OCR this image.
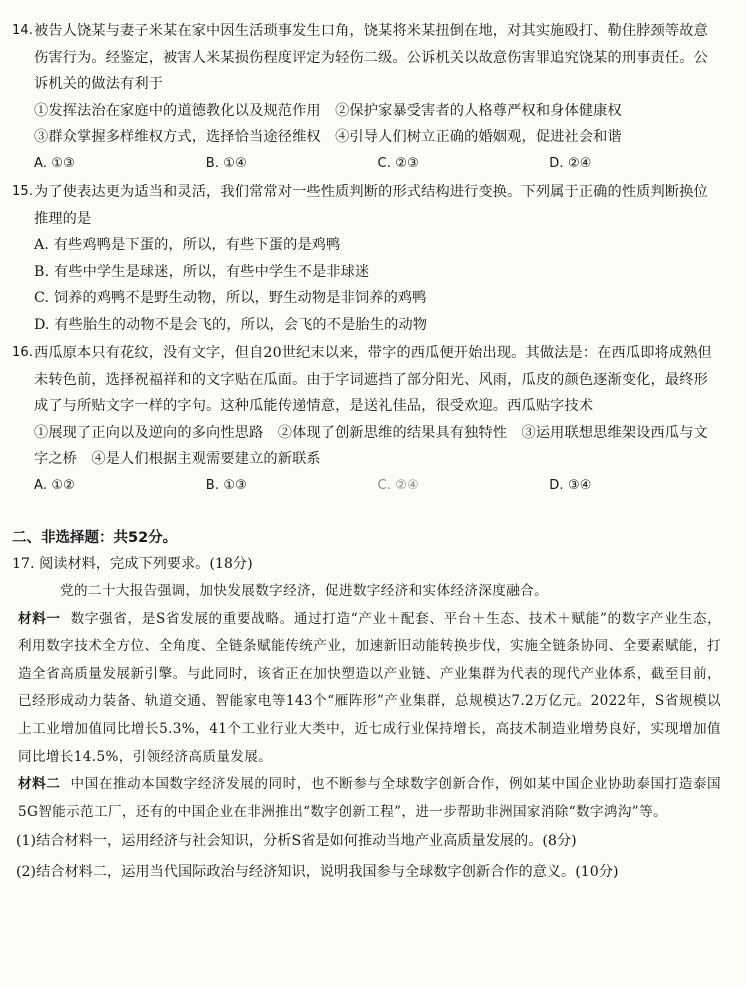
14. 被告人饶某与妻子米某在家中因生活琐事发生口角，饶某将米某扭倒在地，对其实施殴打、勒住脖颈等故意伤害行为。经鉴定，被害人米某损伤程度评定为轻伤二级。公诉机关以故意伤害罪追究饶某的刑事责任。公诉机关的做法有利于
①发挥法治在家庭中的道德教化以及规范作用　②保护家暴受害者的人格尊严权和身体健康权
③群众掌握多样维权方式，选择恰当途径维权　④引导人们树立正确的婚姻观，促进社会和谐
A. ①③	B. ①④	C. ②③	D. ②④
15. 为了使表达更为适当和灵活，我们常常对一些性质判断的形式结构进行变换。下列属于正确的性质判断换位推理的是
A. 有些鸡鸭是下蛋的，所以，有些下蛋的是鸡鸭
B. 有些中学生是球迷，所以，有些中学生不是非球迷
C. 饲养的鸡鸭不是野生动物，所以，野生动物是非饲养的鸡鸭
D. 有些胎生的动物不是会飞的，所以，会飞的不是胎生的动物
16. 西瓜原本只有花纹，没有文字，但自20世纪末以来，带字的西瓜便开始出现。其做法是：在西瓜即将成熟但未转色前，选择祝福祥和的文字贴在瓜面。由于字词遮挡了部分阳光、风雨，瓜皮的颜色逐渐变化，最终形成了与所贴文字一样的字句。这种瓜能传递情意，是送礼佳品，很受欢迎。西瓜贴字技术
①展现了正向以及逆向的多向性思路　②体现了创新思维的结果具有独特性　③运用联想思维架设西瓜与文字之桥　④是人们根据主观需要建立的新联系
A. ①②	B. ①③	C. ②④	D. ③④
二、非选择题：共52分。
17. 阅读材料，完成下列要求。(18分)
党的二十大报告强调，加快发展数字经济，促进数字经济和实体经济深度融合。
材料一 数字强省，是S省发展的重要战略。通过打造“产业＋配套、平台＋生态、技术＋赋能”的数字产业生态，利用数字技术全方位、全角度、全链条赋能传统产业，加速新旧动能转换步伐，实施全链条协同、全要素赋能，打造全省高质量发展新引擎。与此同时，该省正在加快塑造以产业链、产业集群为代表的现代产业体系，截至目前，已经形成动力装备、轨道交通、智能家电等143个“雁阵形”产业集群，总规模达7.2万亿元。2022年，S省规模以上工业增加值同比增长5.3%，41个工业行业大类中，近七成行业保持增长，高技术制造业增势良好，实现增加值同比增长14.5%，引领经济高质量发展。
材料二 中国在推动本国数字经济发展的同时，也不断参与全球数字创新合作，例如某中国企业协助泰国打造泰国5G智能示范工厂，还有的中国企业在非洲推出“数字创新工程”，进一步帮助非洲国家消除“数字鸿沟”等。
(1)结合材料一，运用经济与社会知识，分析S省是如何推动当地产业高质量发展的。(8分)
(2)结合材料二，运用当代国际政治与经济知识，说明我国参与全球数字创新合作的意义。(10分)
